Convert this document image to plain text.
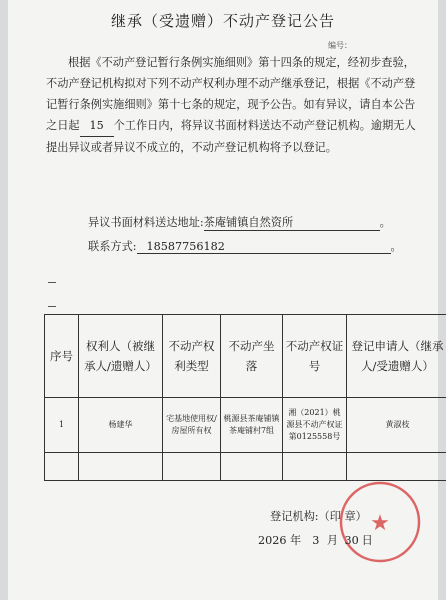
继承（受遗赠）不动产登记公告
编号：
根据《不动产登记暂行条例实施细则》第十四条的规定，经初步查验，不动产登记机构拟对下列不动产权利办理不动产继承登记，根据《不动产登记暂行条例实施细则》第十七条的规定，现予公告。如有异议，请自本公告之日起 15 个工作日内，将异议书面材料送达不动产登记机构。逾期无人提出异议或者异议不成立的，不动产登记机构将予以登记。
异议书面材料送达地址:茶庵铺镇自然资所	。
联系方式: 18587756182	。
序号	权利人（被继承人/遗赠人）	不动产权利类型	不动产坐落	不动产权证号	登记申请人（继承人/受遗赠人）
1	杨建华	宅基地使用权/房屋所有权	桃源县茶庵铺镇茶庵铺村7组	湘（2021）桃源县不动产权证第0125558号	黄淑枝

★
登记机构:（印 章）
2026 年 3 月 30 日
